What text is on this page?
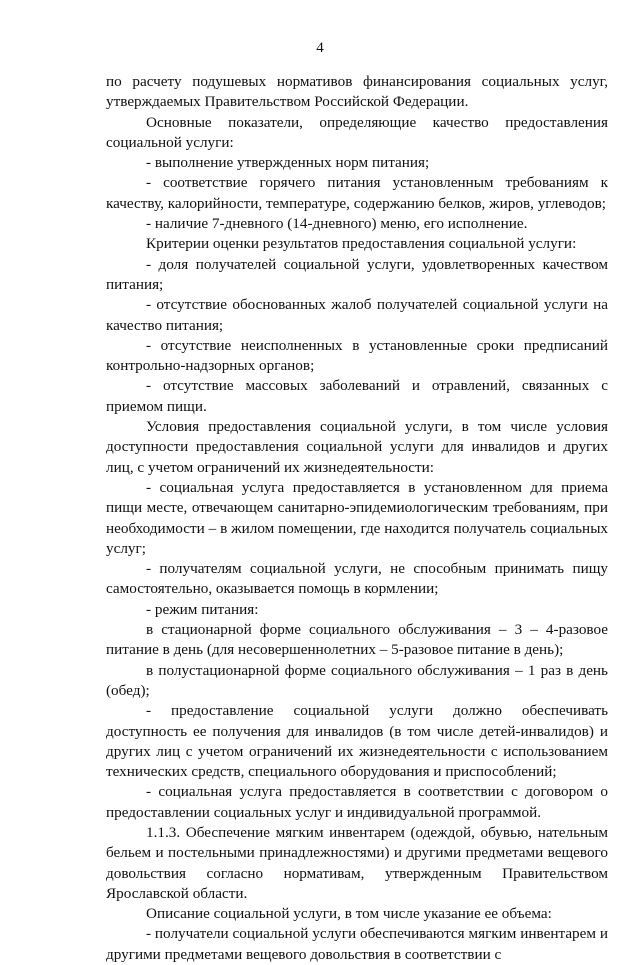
4

по расчету подушевых нормативов финансирования социальных услуг, утверждаемых Правительством Российской Федерации.

Основные показатели, определяющие качество предоставления социальной услуги:

- выполнение утвержденных норм питания;

- соответствие горячего питания установленным требованиям к качеству, калорийности, температуре, содержанию белков, жиров, углеводов;

- наличие 7-дневного (14-дневного) меню, его исполнение.

Критерии оценки результатов предоставления социальной услуги:

- доля получателей социальной услуги, удовлетворенных качеством питания;

- отсутствие обоснованных жалоб получателей социальной услуги на качество питания;

- отсутствие неисполненных в установленные сроки предписаний контрольно-надзорных органов;

- отсутствие массовых заболеваний и отравлений, связанных с приемом пищи.

Условия предоставления социальной услуги, в том числе условия доступности предоставления социальной услуги для инвалидов и других лиц, с учетом ограничений их жизнедеятельности:

- социальная услуга предоставляется в установленном для приема пищи месте, отвечающем санитарно-эпидемиологическим требованиям, при необходимости – в жилом помещении, где находится получатель социальных услуг;

- получателям социальной услуги, не способным принимать пищу самостоятельно, оказывается помощь в кормлении;

- режим питания:

в стационарной форме социального обслуживания – 3 – 4-разовое питание в день (для несовершеннолетних – 5-разовое питание в день);

в полустационарной форме социального обслуживания – 1 раз в день (обед);

- предоставление социальной услуги должно обеспечивать доступность ее получения для инвалидов (в том числе детей-инвалидов) и других лиц с учетом ограничений их жизнедеятельности с использованием технических средств, специального оборудования и приспособлений;

- социальная услуга предоставляется в соответствии с договором о предоставлении социальных услуг и индивидуальной программой.

1.1.3. Обеспечение мягким инвентарем (одеждой, обувью, нательным бельем и постельными принадлежностями) и другими предметами вещевого довольствия согласно нормативам, утвержденным Правительством Ярославской области.

Описание социальной услуги, в том числе указание ее объема:

- получатели социальной услуги обеспечиваются мягким инвентарем и другими предметами вещевого довольствия в соответствии с
